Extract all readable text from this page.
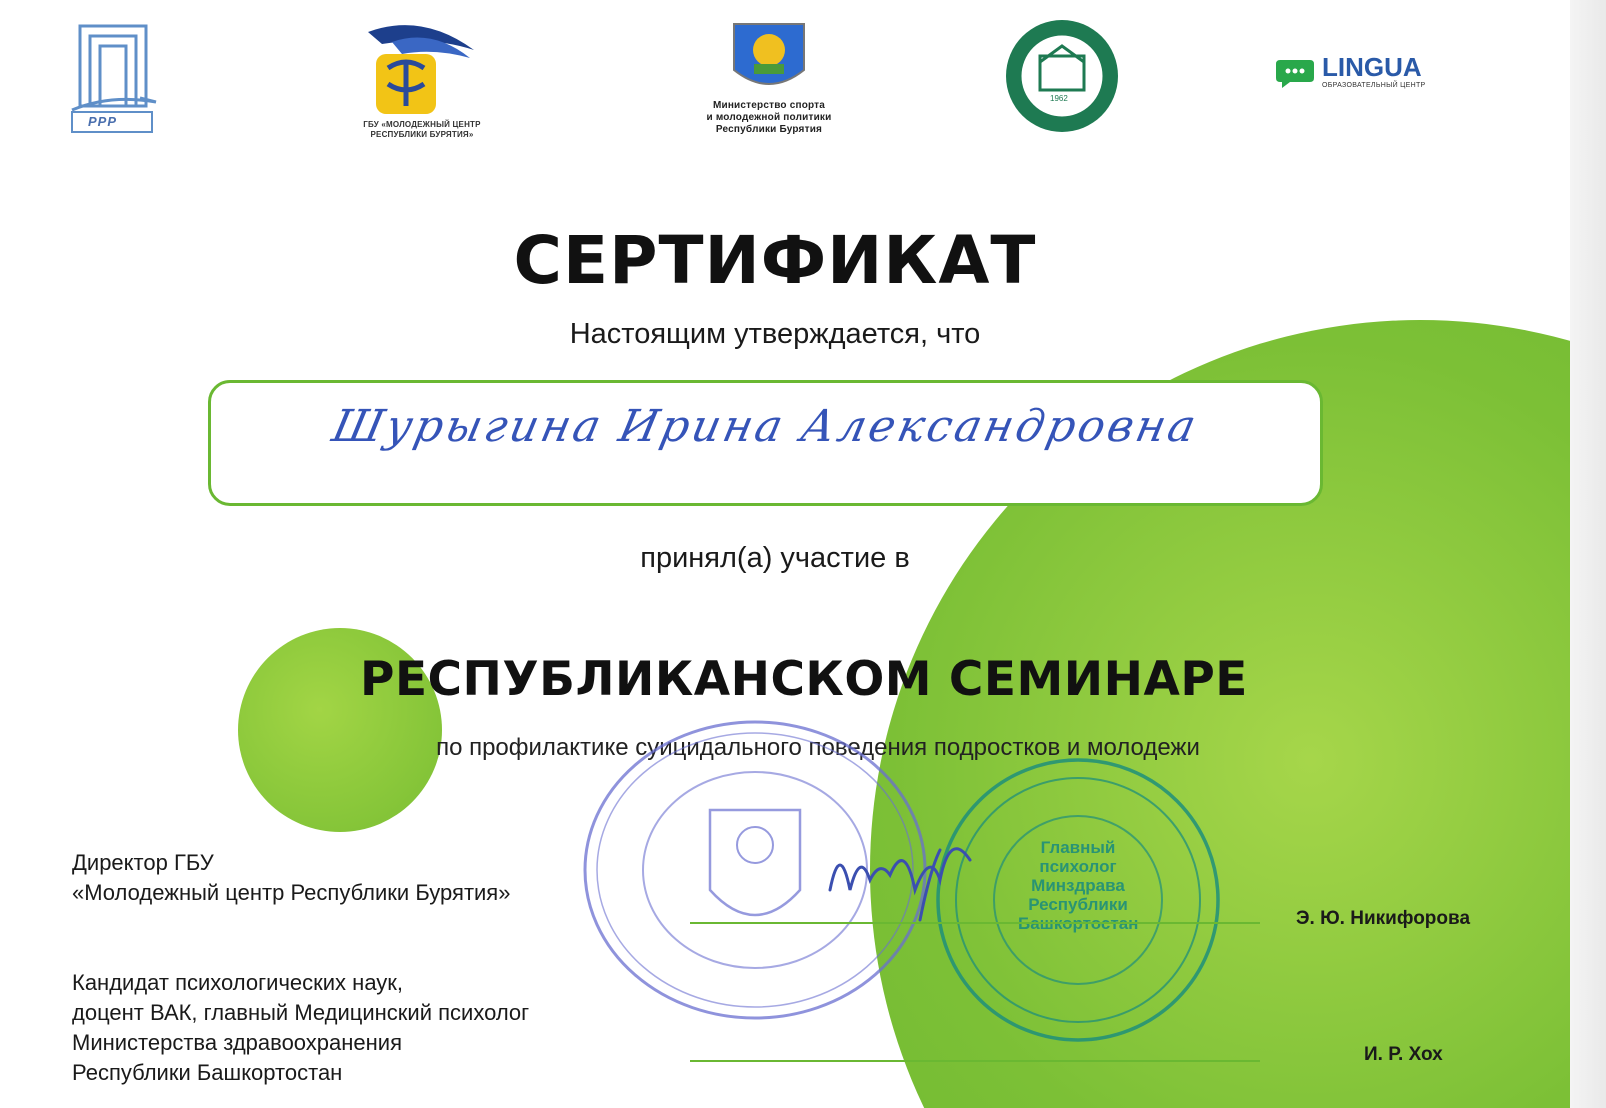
РРР	ГБУ «МОЛОДЕЖНЫЙ ЦЕНТР
РЕСПУБЛИКИ БУРЯТИЯ»
Министерство спорта
и молодежной политики
Республики Бурятия
1962
LINGUA
ОБРАЗОВАТЕЛЬНЫЙ ЦЕНТР
СЕРТИФИКАТ
Настоящим утверждается, что
Шурыгина Ирина Александровна
принял(а) участие в
РЕСПУБЛИКАНСКОМ СЕМИНАРЕ
по профилактике суицидального поведения подростков и молодежи
Главный
психолог
Минздрава
Республики
Директор ГБУ
«Молодежный центр Республики Бурятия»
Э. Ю. Никифорова
Кандидат психологических наук,
доцент ВАК, главный Медицинский психолог
Министерства здравоохранения
Республики Башкортостан
И. Р. Хох
